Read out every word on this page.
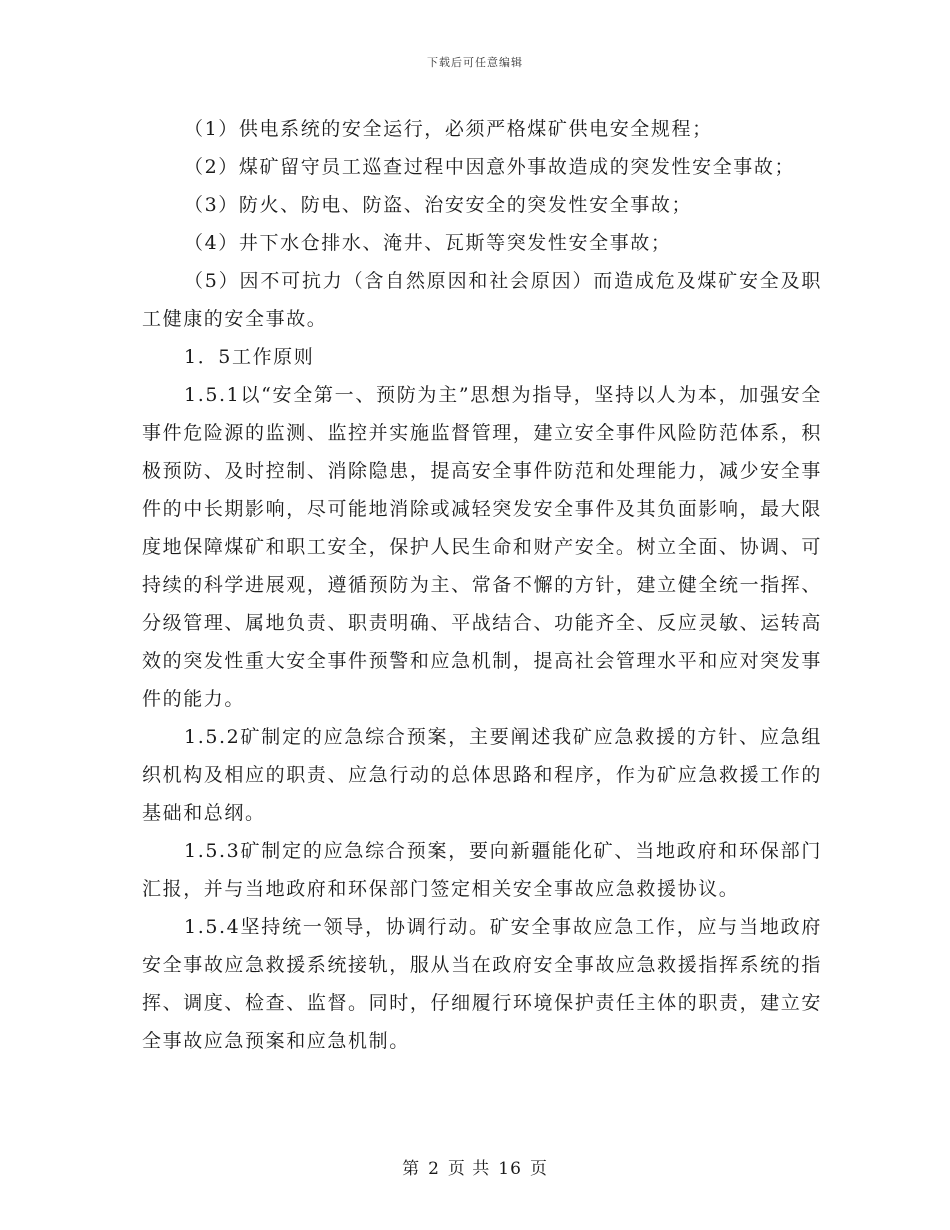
下载后可任意编辑

（1）供电系统的安全运行，必须严格煤矿供电安全规程；

（2）煤矿留守员工巡查过程中因意外事故造成的突发性安全事故；

（3）防火、防电、防盗、治安安全的突发性安全事故；

（4）井下水仓排水、淹井、瓦斯等突发性安全事故；

（5）因不可抗力（含自然原因和社会原因）而造成危及煤矿安全及职工健康的安全事故。

1．5工作原则

1.5.1以“安全第一、预防为主”思想为指导，坚持以人为本，加强安全事件危险源的监测、监控并实施监督管理，建立安全事件风险防范体系，积极预防、及时控制、消除隐患，提高安全事件防范和处理能力，减少安全事件的中长期影响，尽可能地消除或减轻突发安全事件及其负面影响，最大限度地保障煤矿和职工安全，保护人民生命和财产安全。树立全面、协调、可持续的科学进展观，遵循预防为主、常备不懈的方针，建立健全统一指挥、分级管理、属地负责、职责明确、平战结合、功能齐全、反应灵敏、运转高效的突发性重大安全事件预警和应急机制，提高社会管理水平和应对突发事件的能力。

1.5.2矿制定的应急综合预案，主要阐述我矿应急救援的方针、应急组织机构及相应的职责、应急行动的总体思路和程序，作为矿应急救援工作的基础和总纲。

1.5.3矿制定的应急综合预案，要向新疆能化矿、当地政府和环保部门汇报，并与当地政府和环保部门签定相关安全事故应急救援协议。

1.5.4坚持统一领导，协调行动。矿安全事故应急工作，应与当地政府安全事故应急救援系统接轨，服从当在政府安全事故应急救援指挥系统的指挥、调度、检查、监督。同时，仔细履行环境保护责任主体的职责，建立安全事故应急预案和应急机制。

第 2 页 共 16 页
